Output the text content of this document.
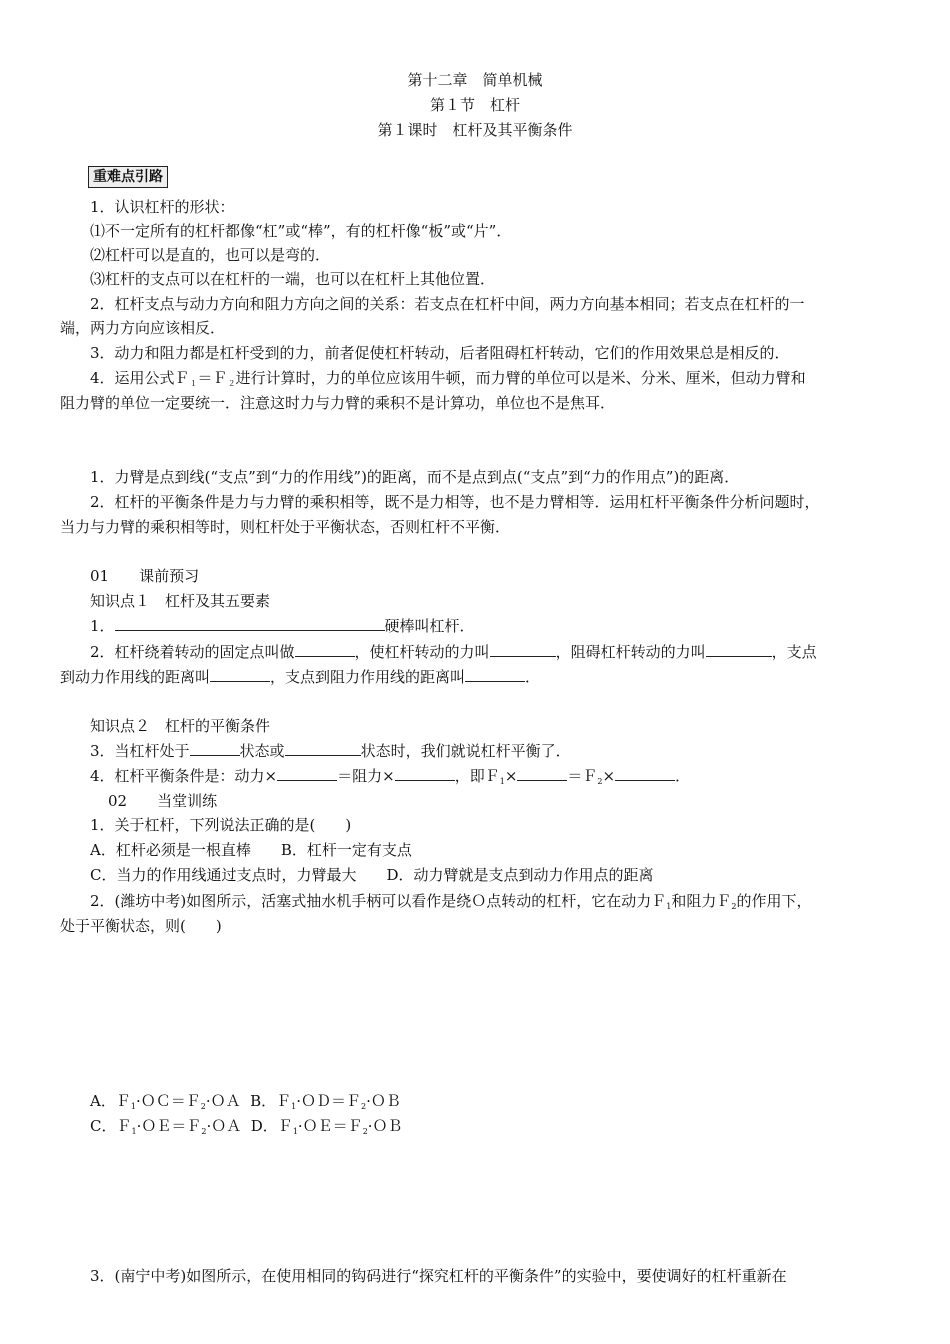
第十二章　简单机械
第１节　杠杆
第１课时　杠杆及其平衡条件
重难点引路
1．认识杠杆的形状：
⑴不一定所有的杠杆都像“杠”或“棒”，有的杠杆像“板”或“片”．
⑵杠杆可以是直的，也可以是弯的．
⑶杠杆的支点可以在杠杆的一端，也可以在杠杆上其他位置．
2．杠杆支点与动力方向和阻力方向之间的关系：若支点在杠杆中间，两力方向基本相同；若支点在杠杆的一
端，两力方向应该相反．
3．动力和阻力都是杠杆受到的力，前者促使杠杆转动，后者阻碍杠杆转动，它们的作用效果总是相反的．
4．运用公式Ｆ$_1$＝Ｆ$_2$进行计算时，力的单位应该用牛顿，而力臂的单位可以是米、分米、厘米，但动力臂和
阻力臂的单位一定要统一．注意这时力与力臂的乘积不是计算功，单位也不是焦耳．
1．力臂是点到线(“支点”到“力的作用线”)的距离，而不是点到点(“支点”到“力的作用点”)的距离．
2．杠杆的平衡条件是力与力臂的乘积相等，既不是力相等，也不是力臂相等．运用杠杆平衡条件分析问题时，
当力与力臂的乘积相等时，则杠杆处于平衡状态，否则杠杆不平衡．
01　　课前预习
知识点１　杠杆及其五要素
1．	硬棒叫杠杆．
2．杠杆绕着转动的固定点叫做	，使杠杆转动的力叫	，阻碍杠杆转动的力叫	，支点
到动力作用线的距离叫	，支点到阻力作用线的距离叫	．
知识点２　杠杆的平衡条件
3．当杠杆处于	状态或	状态时，我们就说杠杆平衡了．
4．杠杆平衡条件是：动力×	＝阻力×	，即Ｆ$_1$×	＝Ｆ$_2$×	．
02　　当堂训练
1．关于杠杆，下列说法正确的是(　　)
A．杠杆必须是一根直棒　　B．杠杆一定有支点
C．当力的作用线通过支点时，力臂最大　　D．动力臂就是支点到动力作用点的距离
2．(潍坊中考)如图所示，活塞式抽水机手柄可以看作是绕Ｏ点转动的杠杆，它在动力Ｆ$_1$和阻力Ｆ$_2$的作用下，
处于平衡状态，则(　　)
A．Ｆ$_1$·ＯＣ＝Ｆ$_2$·ＯＡ B．Ｆ$_1$·ＯＤ＝Ｆ$_2$·ＯＢ
C．Ｆ$_1$·ＯＥ＝Ｆ$_2$·ＯＡ D．Ｆ$_1$·ＯＥ＝Ｆ$_2$·ＯＢ
3．(南宁中考)如图所示，在使用相同的钩码进行“探究杠杆的平衡条件”的实验中，要使调好的杠杆重新在
